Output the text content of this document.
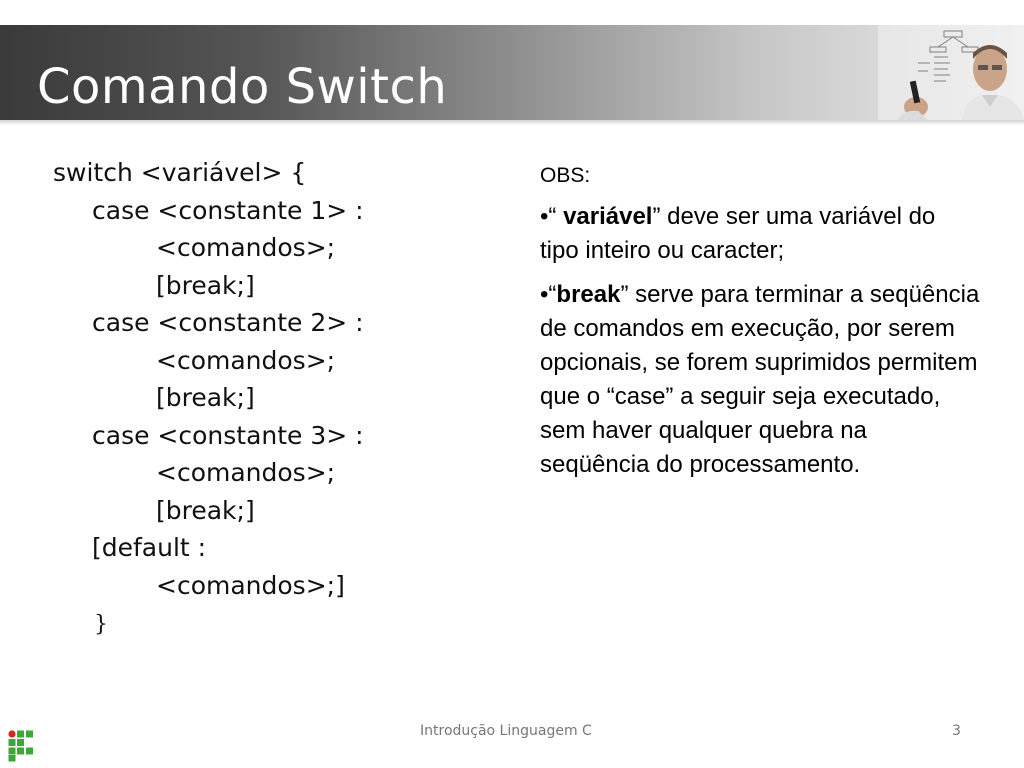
Comando Switch
switch <variável> {
case <constante 1> :
<comandos>;
[break;]
case <constante 2> :
<comandos>;
[break;]
case <constante 3> :
<comandos>;
[break;]
[default :
<comandos>;]
}
OBS:

•“ variável” deve ser uma variável do tipo inteiro ou caracter;

•“break” serve para terminar a seqüência de comandos em execução, por serem opcionais, se forem suprimidos permitem que o “case” a seguir seja executado, sem haver qualquer quebra na seqüência do processamento.

Introdução Linguagem C	3
